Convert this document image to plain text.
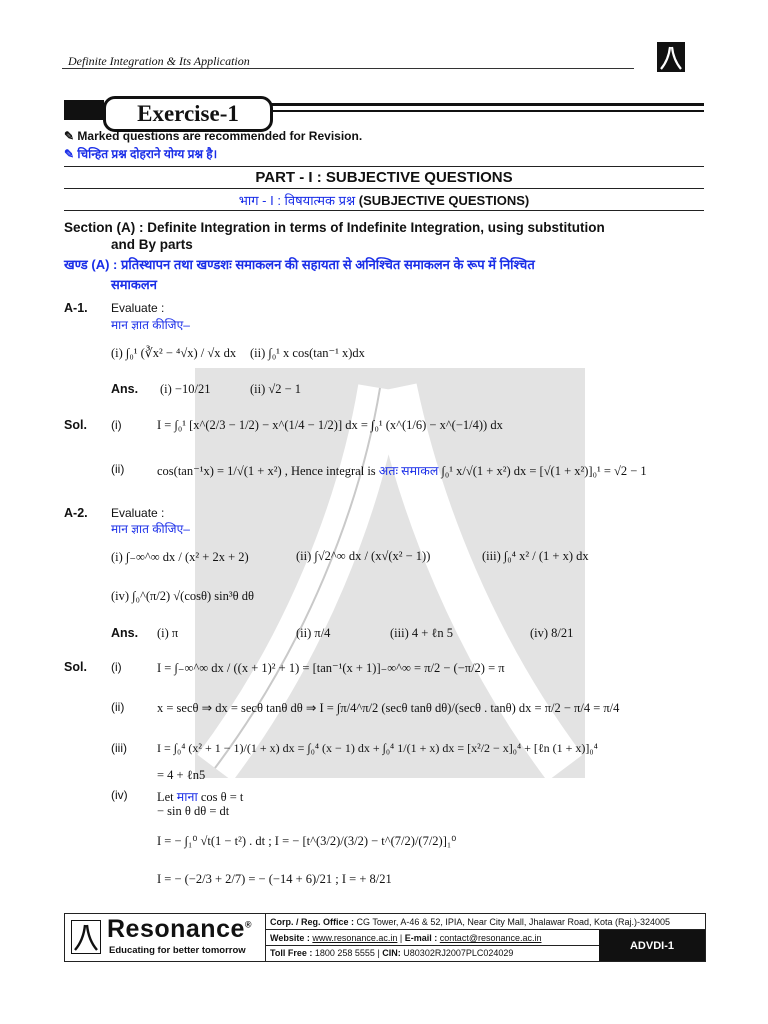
Definite Integration & Its Application
Exercise-1
✎ Marked questions are recommended for Revision.
✎ चिन्हित प्रश्न दोहराने योग्य प्रश्न है।
PART - I : SUBJECTIVE QUESTIONS
भाग - I : विषयात्मक प्रश्न (SUBJECTIVE QUESTIONS)
Section (A) : Definite Integration in terms of Indefinite Integration, using substitution
and By parts
खण्ड (A) : प्रतिस्थापन तथा खण्डशः समाकलन की सहायता से अनिश्चित समाकलन के रूप में निश्चित
समाकलन
A-1. Evaluate :
मान ज्ञात कीजिए–
(i) ∫₀¹ (∛x² − ⁴√x) / √x dx (ii) ∫₀¹ x cos(tan⁻¹ x)dx
Ans. (i) −10/21	(ii) √2 − 1
Sol. (i)	I = ∫₀¹ [x^(2/3 − 1/2) − x^(1/4 − 1/2)] dx = ∫₀¹ (x^(1/6) − x^(−1/4)) dx
(ii)	cos(tan⁻¹x) = 1/√(1 + x²) , Hence integral is अतः समाकल ∫₀¹ x/√(1 + x²) dx = [√(1 + x²)]₀¹ = √2 − 1
A-2. Evaluate :
मान ज्ञात कीजिए–
(i) ∫₋∞^∞ dx / (x² + 2x + 2)	(ii) ∫√2^∞ dx / (x√(x² − 1))	(iii) ∫₀⁴ x² / (1 + x) dx
(iv) ∫₀^(π/2) √(cosθ) sin³θ dθ
Ans. (i) π	(ii) π/4	(iii) 4 + ℓn 5	(iv) 8/21
Sol. (i)	I = ∫₋∞^∞ dx / ((x + 1)² + 1) = [tan⁻¹(x + 1)]₋∞^∞ = π/2 − (−π/2) = π
(ii)	x = secθ ⇒ dx = secθ tanθ dθ ⇒ I = ∫π/4^π/2 (secθ tanθ dθ)/(secθ . tanθ) dx = π/2 − π/4 = π/4
(iii)	I = ∫₀⁴ (x² + 1 − 1)/(1 + x) dx = ∫₀⁴ (x − 1) dx + ∫₀⁴ 1/(1 + x) dx = [x²/2 − x]₀⁴ + [ℓn (1 + x)]₀⁴
= 4 + ℓn5
(iv) Let माना cos θ = t
− sin θ dθ = dt
I = − ∫₁⁰ √t(1 − t²) . dt ; I = − [t^(3/2)/(3/2) − t^(7/2)/(7/2)]₁⁰
I = − (−2/3 + 2/7) = − (−14 + 6)/21 ; I = + 8/21
Resonance®
Educating for better tomorrow
Corp. / Reg. Office : CG Tower, A-46 & 52, IPIA, Near City Mall, Jhalawar Road, Kota (Raj.)-324005
Website : www.resonance.ac.in | E-mail : contact@resonance.ac.in
Toll Free : 1800 258 5555 | CIN: U80302RJ2007PLC024029
ADVDI-1
